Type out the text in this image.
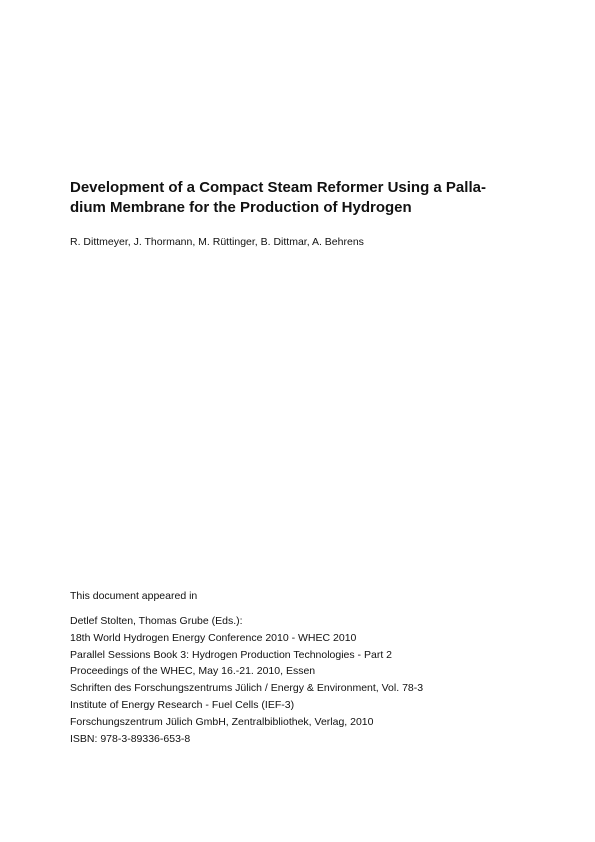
Development of a Compact Steam Reformer Using a Palla-
dium Membrane for the Production of Hydrogen

R. Dittmeyer, J. Thormann, M. Rüttinger, B. Dittmar, A. Behrens

This document appeared in

Detlef Stolten, Thomas Grube (Eds.):
18th World Hydrogen Energy Conference 2010 - WHEC 2010
Parallel Sessions Book 3: Hydrogen Production Technologies - Part 2
Proceedings of the WHEC, May 16.-21. 2010, Essen
Schriften des Forschungszentrums Jülich / Energy & Environment, Vol. 78-3
Institute of Energy Research - Fuel Cells (IEF-3)
Forschungszentrum Jülich GmbH, Zentralbibliothek, Verlag, 2010
ISBN: 978-3-89336-653-8
